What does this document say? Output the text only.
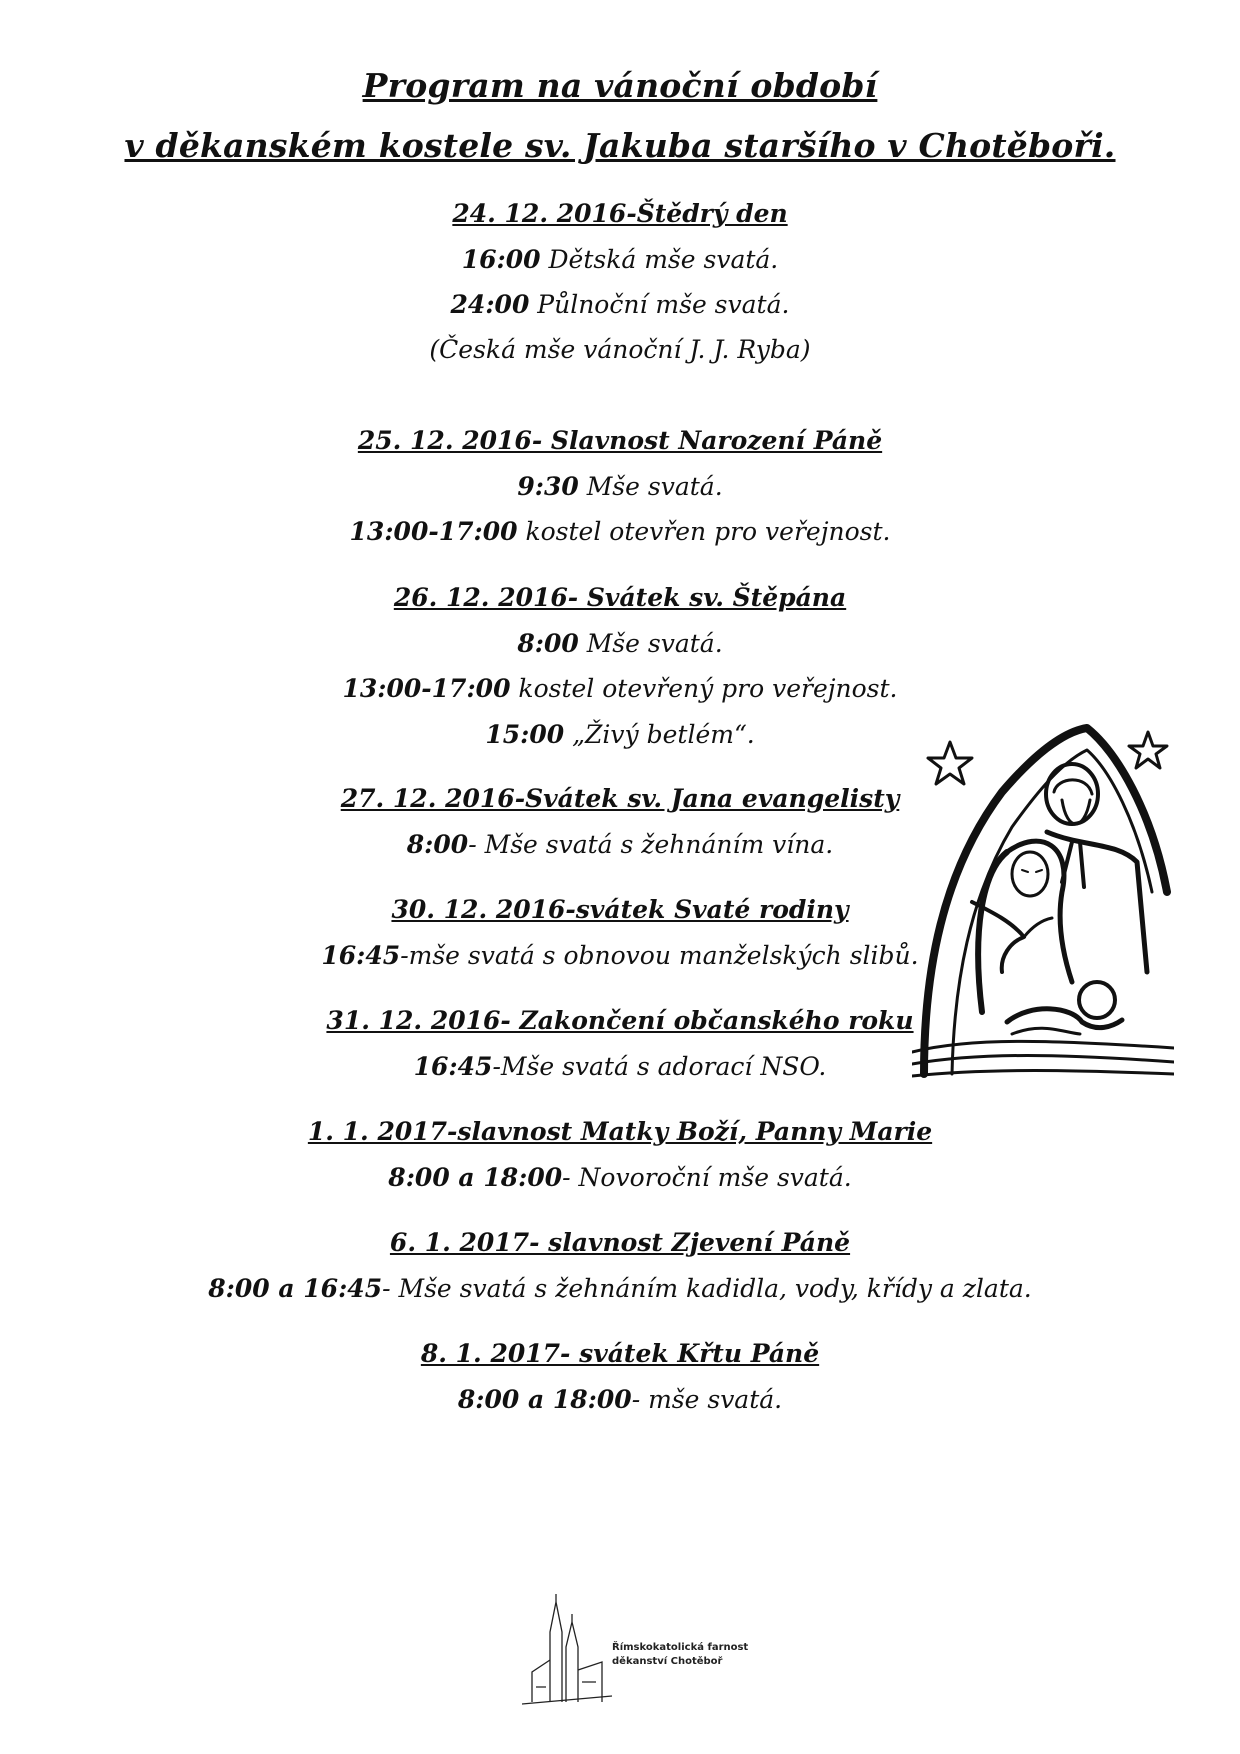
Program na vánoční období
v děkanském kostele sv. Jakuba staršího v Chotěboři.
24. 12. 2016-Štědrý den
16:00 Dětská mše svatá.
24:00 Půlnoční mše svatá.
(Česká mše vánoční J. J. Ryba)
25. 12. 2016- Slavnost Narození Páně
9:30 Mše svatá.
13:00-17:00 kostel otevřen pro veřejnost.
26. 12. 2016- Svátek sv. Štěpána
8:00 Mše svatá.
13:00-17:00 kostel otevřený pro veřejnost.
15:00 „Živý betlém“.
27. 12. 2016-Svátek sv. Jana evangelisty
8:00- Mše svatá s žehnáním vína.
30. 12. 2016-svátek Svaté rodiny
16:45-mše svatá s obnovou manželských slibů.
31. 12. 2016- Zakončení občanského roku
16:45-Mše svatá s adorací NSO.
1. 1. 2017-slavnost Matky Boží, Panny Marie
8:00 a 18:00- Novoroční mše svatá.
6. 1. 2017- slavnost Zjevení Páně
8:00 a 16:45- Mše svatá s žehnáním kadidla, vody, křídy a zlata.
8. 1. 2017- svátek Křtu Páně
8:00 a 18:00- mše svatá.
Římskokatolická farnost
děkanství Chotěboř
